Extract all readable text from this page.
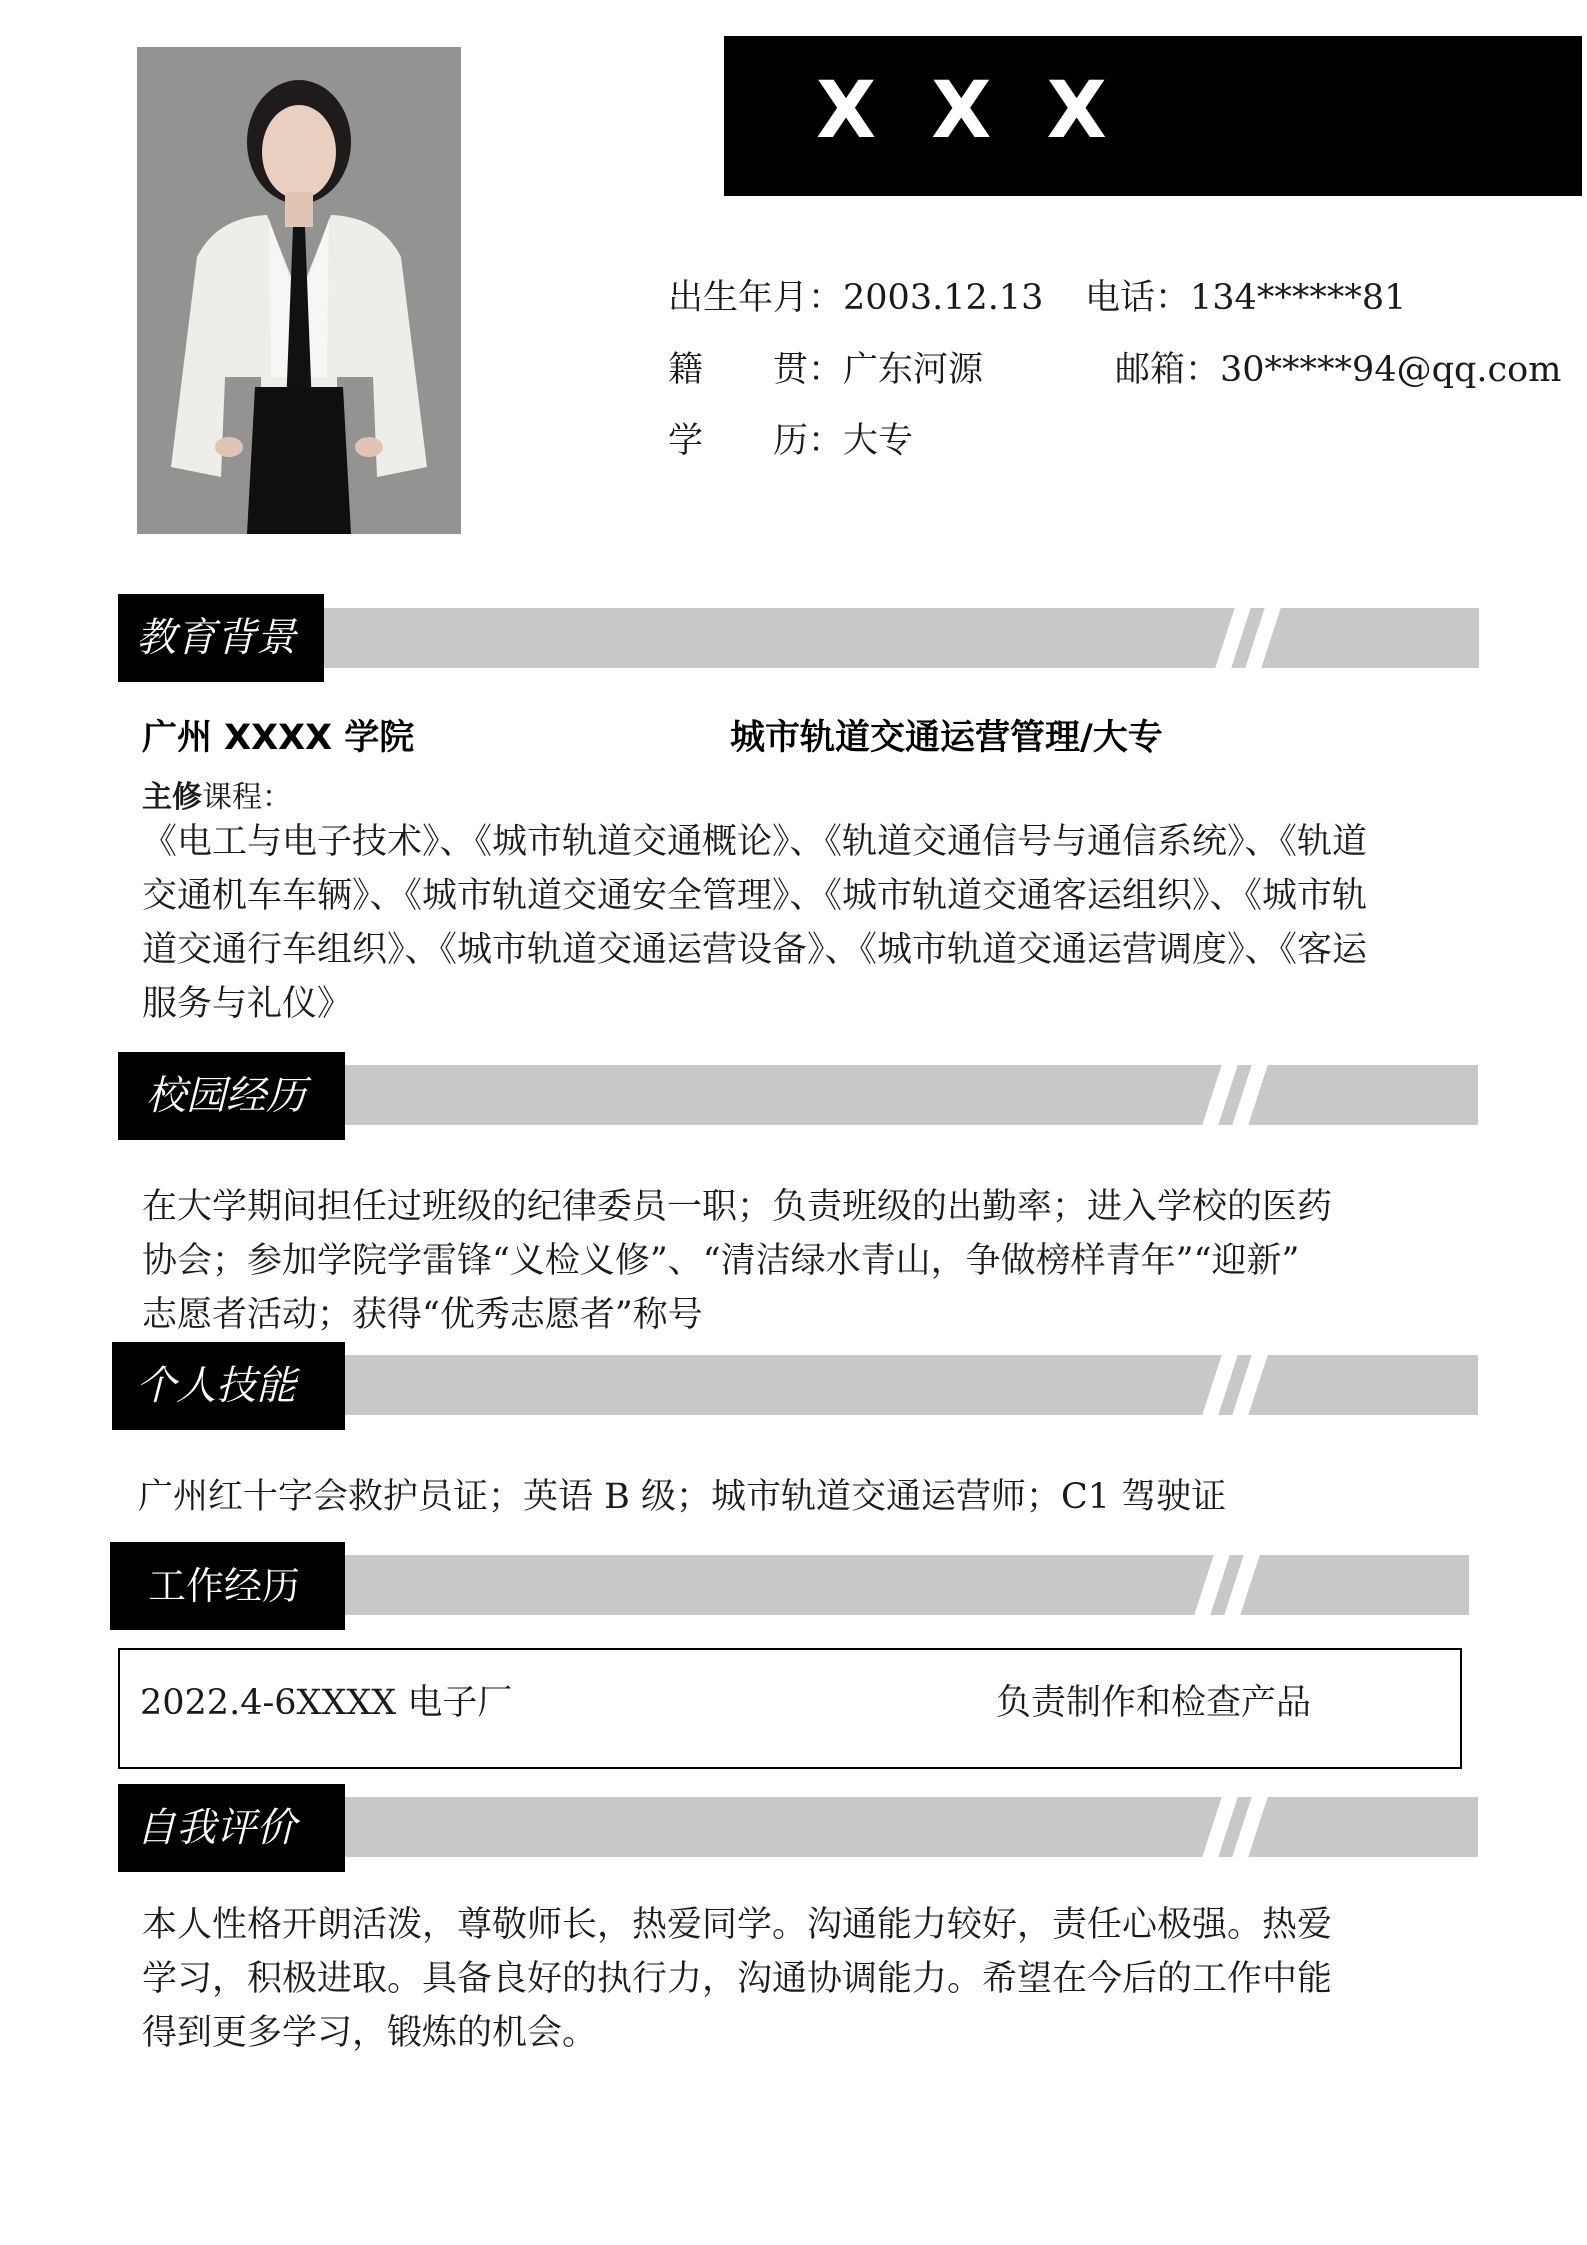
X X X
出生年月：2003.12.13 电话：134******81
籍　　贯：广东河源	邮箱：30*****94@qq.com
学　　历：大专
教育背景
广州 XXXX 学院	城市轨道交通运营管理/大专
主修课程：
《电工与电子技术》、《城市轨道交通概论》、《轨道交通信号与通信系统》、《轨道
交通机车车辆》、《城市轨道交通安全管理》、《城市轨道交通客运组织》、《城市轨
道交通行车组织》、《城市轨道交通运营设备》、《城市轨道交通运营调度》、《客运
服务与礼仪》
校园经历
在大学期间担任过班级的纪律委员一职；负责班级的出勤率；进入学校的医药
协会；参加学院学雷锋“义检义修”、“清洁绿水青山，争做榜样青年”“迎新”
志愿者活动；获得“优秀志愿者”称号
个人技能
广州红十字会救护员证；英语 B 级；城市轨道交通运营师；C1 驾驶证
工作经历
2022.4-6XXXX 电子厂	负责制作和检查产品
自我评价
本人性格开朗活泼，尊敬师长，热爱同学。沟通能力较好，责任心极强。热爱
学习，积极进取。具备良好的执行力，沟通协调能力。希望在今后的工作中能
得到更多学习，锻炼的机会。
